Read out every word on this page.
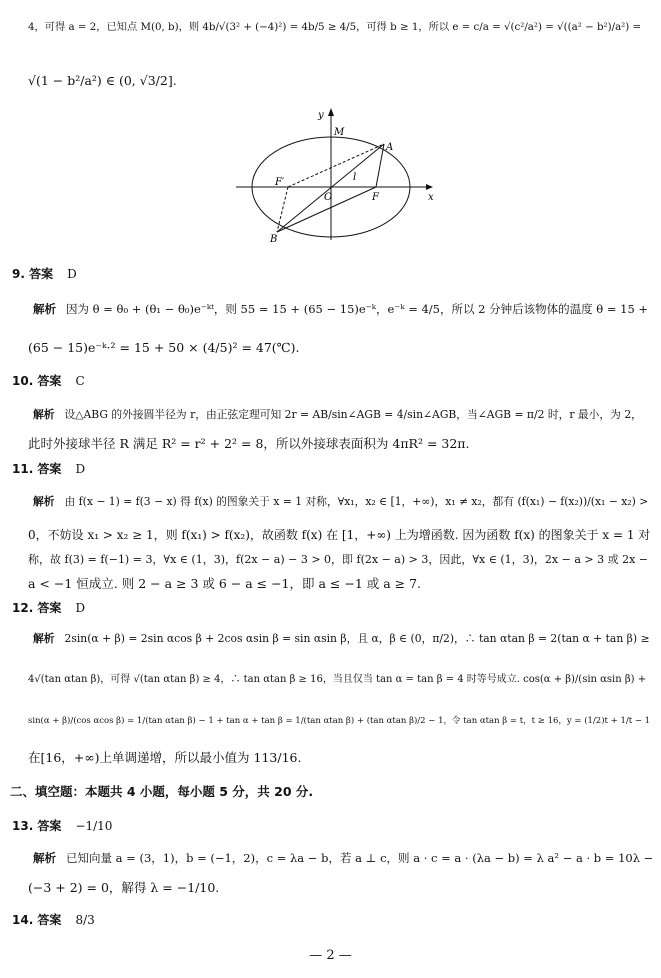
4，可得 a = 2，已知点 M(0, b)，则 4b/√(3² + (−4)²) = 4b/5 ≥ 4/5，可得 b ≥ 1，所以 e = c/a = √(c²/a²) = √((a² − b²)/a²) =
√(1 − b²/a²) ∈ (0, √3/2].
y
M
A
l
F′
O	F	x
B
9. 答案 D
解析 因为 θ = θ₀ + (θ₁ − θ₀)e⁻ᵏᵗ，则 55 = 15 + (65 − 15)e⁻ᵏ，e⁻ᵏ = 4/5，所以 2 分钟后该物体的温度 θ = 15 +
(65 − 15)e⁻ᵏ·² = 15 + 50 × (4/5)² = 47(℃).
10. 答案 C
解析 设△ABG 的外接圆半径为 r，由正弦定理可知 2r = AB/sin∠AGB = 4/sin∠AGB，当∠AGB = π/2 时，r 最小，为 2，
此时外接球半径 R 满足 R² = r² + 2² = 8，所以外接球表面积为 4πR² = 32π.
11. 答案 D
解析 由 f(x − 1) = f(3 − x) 得 f(x) 的图象关于 x = 1 对称，∀x₁，x₂ ∈ [1，+∞)，x₁ ≠ x₂，都有 (f(x₁) − f(x₂))/(x₁ − x₂) >
0，不妨设 x₁ > x₂ ≥ 1，则 f(x₁) > f(x₂)，故函数 f(x) 在 [1，+∞) 上为增函数. 因为函数 f(x) 的图象关于 x = 1 对
称，故 f(3) = f(−1) = 3，∀x ∈ (1，3)，f(2x − a) − 3 > 0，即 f(2x − a) > 3，因此，∀x ∈ (1，3)，2x − a > 3 或 2x −
a < −1 恒成立. 则 2 − a ≥ 3 或 6 − a ≤ −1，即 a ≤ −1 或 a ≥ 7.
12. 答案 D
解析 2sin(α + β) = 2sin αcos β + 2cos αsin β = sin αsin β，且 α，β ∈ (0，π/2)，∴ tan αtan β = 2(tan α + tan β) ≥
4√(tan αtan β)，可得 √(tan αtan β) ≥ 4，∴ tan αtan β ≥ 16，当且仅当 tan α = tan β = 4 时等号成立. cos(α + β)/(sin αsin β) +
sin(α + β)/(cos αcos β) = 1/(tan αtan β) − 1 + tan α + tan β = 1/(tan αtan β) + (tan αtan β)/2 − 1，令 tan αtan β = t，t ≥ 16，y = (1/2)t + 1/t − 1
在[16，+∞)上单调递增，所以最小值为 113/16.
二、填空题：本题共 4 小题，每小题 5 分，共 20 分.
13. 答案 −1/10
解析 已知向量 a = (3，1)，b = (−1，2)，c = λa − b，若 a ⊥ c，则 a · c = a · (λa − b) = λ a² − a · b = 10λ −
(−3 + 2) = 0，解得 λ = −1/10.
14. 答案 8/3
— 2 —
